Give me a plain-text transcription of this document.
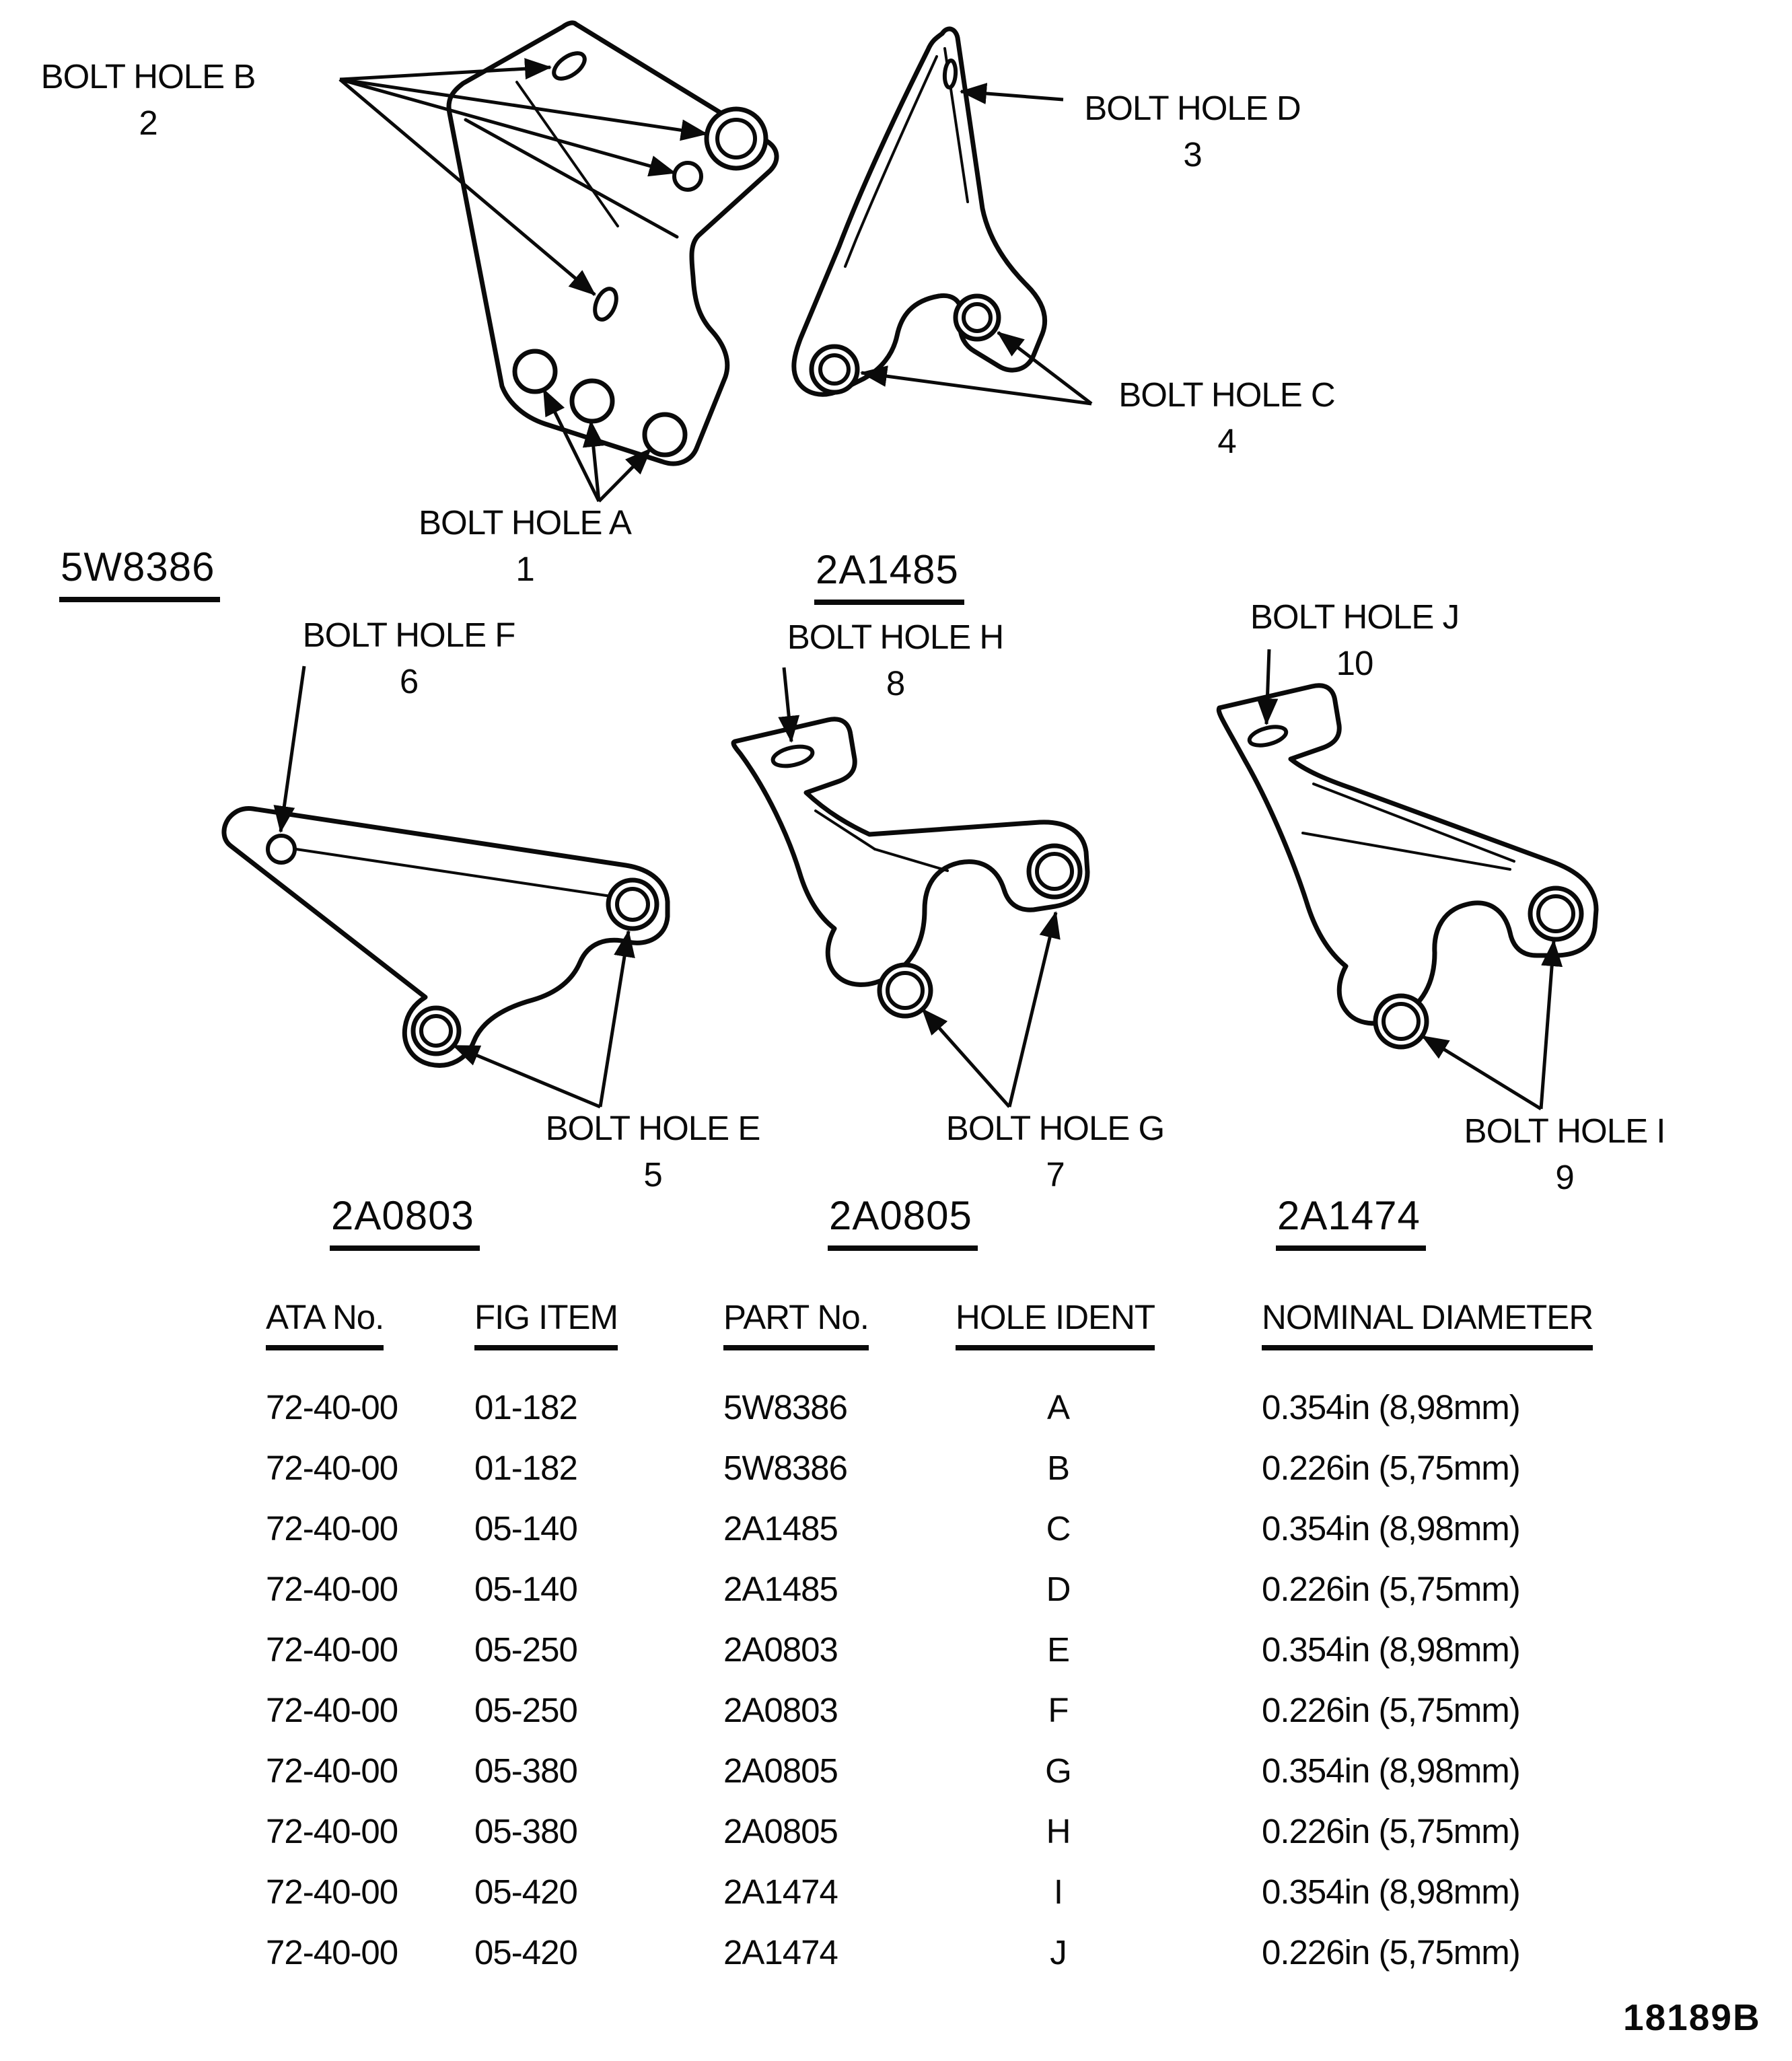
BOLT HOLE B
2
BOLT HOLE A
1
BOLT HOLE D
3
BOLT HOLE C
4
BOLT HOLE F
6
BOLT HOLE E
5
BOLT HOLE H
8
BOLT HOLE G
7
BOLT HOLE J
10
BOLT HOLE I
9
5W8386	2A1485
2A0803	2A0805	2A1474
ATA No.	FIG ITEM	PART No.	HOLE IDENT	NOMINAL DIAMETER
72-40-00	01-182	5W8386	A	0.354in (8,98mm)
72-40-00	01-182	5W8386	B	0.226in (5,75mm)
72-40-00	05-140	2A1485	C	0.354in (8,98mm)
72-40-00	05-140	2A1485	D	0.226in (5,75mm)
72-40-00	05-250	2A0803	E	0.354in (8,98mm)
72-40-00	05-250	2A0803	F	0.226in (5,75mm)
72-40-00	05-380	2A0805	G	0.354in (8,98mm)
72-40-00	05-380	2A0805	H	0.226in (5,75mm)
72-40-00	05-420	2A1474	I	0.354in (8,98mm)
72-40-00	05-420	2A1474	J	0.226in (5,75mm)
18189B
